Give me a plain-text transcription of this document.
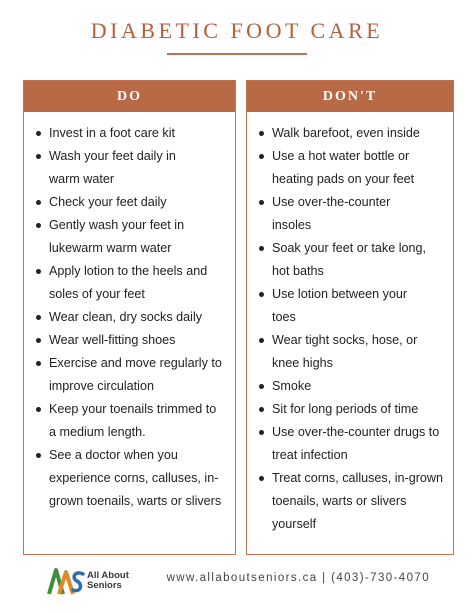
DIABETIC FOOT CARE
DO
Invest in a foot care kit
Wash your feet daily in
warm water
Check your feet daily
Gently wash your feet in
lukewarm warm water
Apply lotion to the heels and
soles of your feet
Wear clean, dry socks daily
Wear well-fitting shoes
Exercise and move regularly to
improve circulation
Keep your toenails trimmed to
a medium length.
See a doctor when you
experience corns, calluses, in-
grown toenails, warts or slivers
DON'T
Walk barefoot, even inside
Use a hot water bottle or
heating pads on your feet
Use over-the-counter
insoles
Soak your feet or take long,
hot baths
Use lotion between your
toes
Wear tight socks, hose, or
knee highs
Smoke
Sit for long periods of time
Use over-the-counter drugs to
treat infection
Treat corns, calluses, in-grown
toenails, warts or slivers
yourself
All About
Seniors
www.allaboutseniors.ca | (403)-730-4070
